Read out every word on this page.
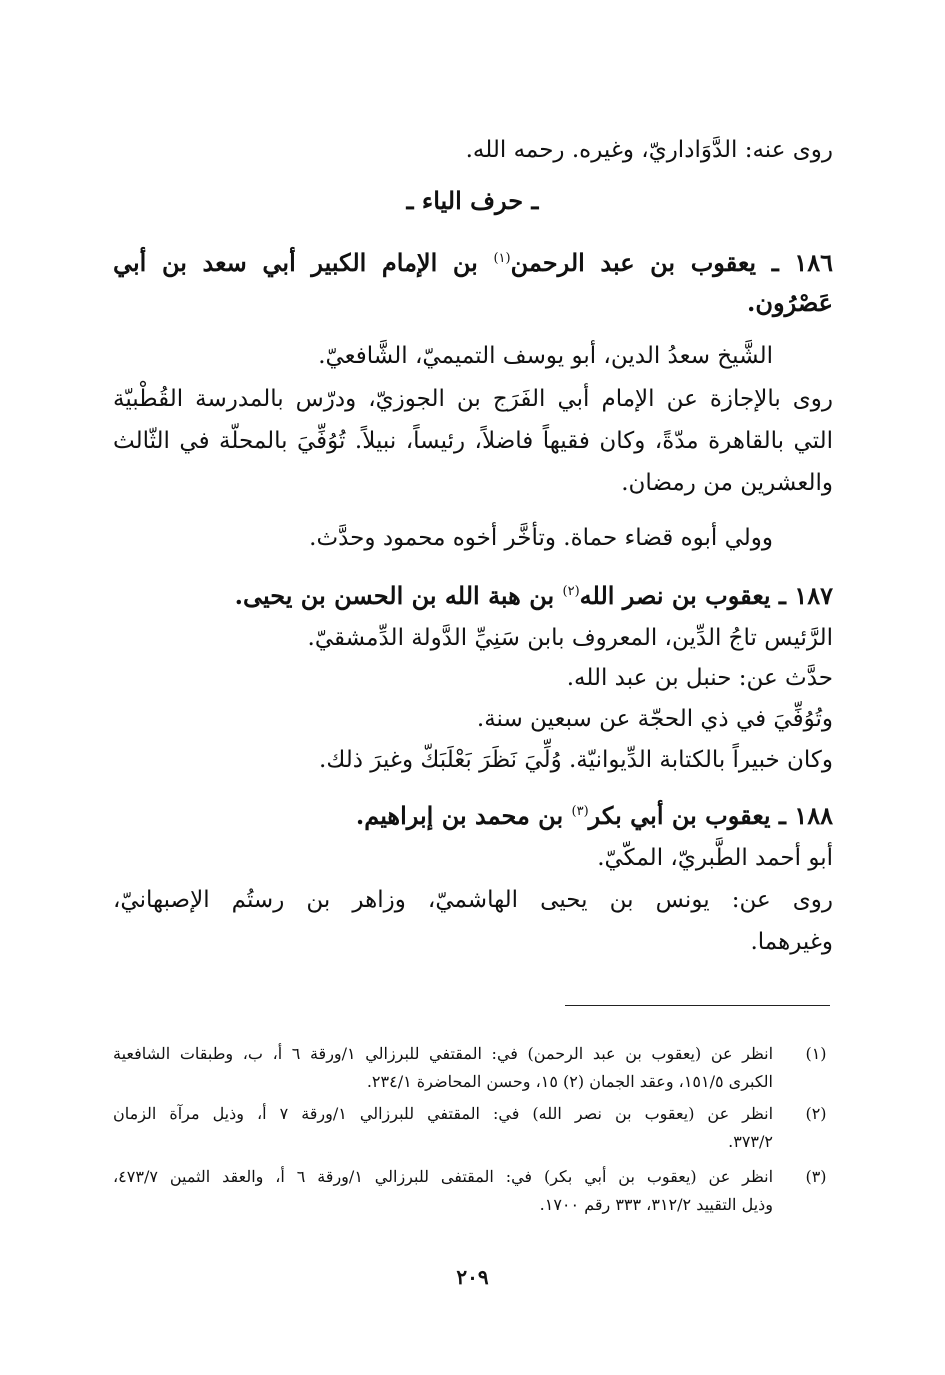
روى عنه: الدَّوَاداريّ، وغيره. رحمه الله.
ـ حرف الياء ـ
١٨٦ ـ يعقوب بن عبد الرحمن$^{(١)}$ بن الإمام الكبير أبي سعد بن أبي
عَصْرُون.
الشَّيخ سعدُ الدين، أبو يوسف التميميّ، الشَّافعيّ.
روى بالإجازة عن الإمام أبي الفَرَج بن الجوزيّ، ودرّس بالمدرسة القُطْبيّة
التي بالقاهرة مدّةً، وكان فقيهاً فاضلاً، رئيساً، نبيلاً. تُوُفِّيَ بالمحلّة في الثّالث
والعشرين من رمضان.
وولي أبوه قضاء حماة. وتأخَّر أخوه محمود وحدَّث.
١٨٧ ـ يعقوب بن نصر الله$^{(٢)}$ بن هبة الله بن الحسن بن يحيى.
الرَّئيس تاجُ الدِّين، المعروف بابن سَنِيِّ الدَّولة الدِّمشقيّ.
حدَّث عن: حنبل بن عبد الله.
وتُوُفِّيَ في ذي الحجّة عن سبعين سنة.
وكان خبيراً بالكتابة الدِّيوانيّة. وُلِّيَ نَظَرَ بَعْلَبَكّ وغيرَ ذلك.
١٨٨ ـ يعقوب بن أبي بكر$^{(٣)}$ بن محمد بن إبراهيم.
أبو أحمد الطَّبريّ، المكّيّ.
روى عن: يونس بن يحيى الهاشميّ، وزاهر بن رستُم الإصبهانيّ،
وغيرهما.
(١)
انظر عن (يعقوب بن عبد الرحمن) في: المقتفي للبرزالي ١/ورقة ٦ أ، ب، وطبقات الشافعية
الكبرى ١٥١/٥، وعقد الجمان (٢) ١٥، وحسن المحاضرة ٢٣٤/١.
(٢)
انظر عن (يعقوب بن نصر الله) في: المقتفي للبرزالي ١/ورقة ٧ أ، وذيل مرآة الزمان
٣٧٣/٢.
(٣)
انظر عن (يعقوب بن أبي بكر) في: المقتفى للبرزالي ١/ورقة ٦ أ، والعقد الثمين ٤٧٣/٧،
وذيل التقييد ٣١٢/٢، ٣٣٣ رقم ١٧٠٠.
٢٠٩
